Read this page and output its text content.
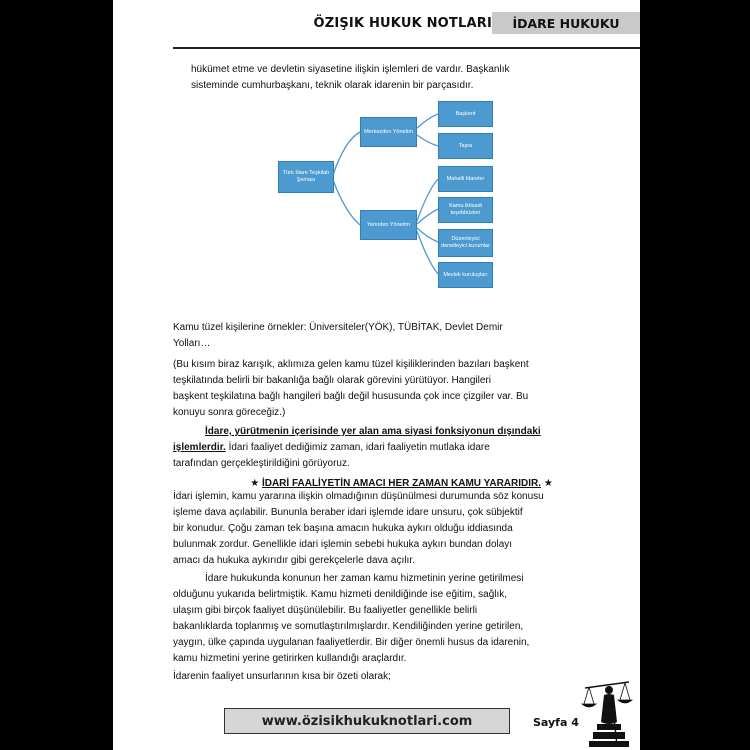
ÖZIŞIK HUKUK NOTLARI	İDARE HUKUKU
hükümet etme ve devletin siyasetine ilişkin işlemleri de vardır. Başkanlık
sisteminde cumhurbaşkanı, teknik olarak idarenin bir parçasıdır.
Türk İdare Teşkilatı Şeması
Merkezden Yönetim
Yerinden Yönetim
Başkent
Taşra
Mahalli İdareler
Kamu iktisadi teşebbüsleri
Düzenleyici denetleyici kurumlar
Meslek kuruluşları
Kamu tüzel kişilerine örnekler: Üniversiteler(YÖK), TÜBİTAK, Devlet Demir
Yolları…
(Bu kısım biraz karışık, aklımıza gelen kamu tüzel kişiliklerinden bazıları başkent
teşkilatında belirli bir bakanlığa bağlı olarak görevini yürütüyor. Hangileri
başkent teşkilatına bağlı hangileri bağlı değil hususunda çok ince çizgiler var. Bu
konuyu sonra göreceğiz.)
İdare, yürütmenin içerisinde yer alan ama siyasi fonksiyonun dışındaki
işlemlerdir. İdari faaliyet dediğimiz zaman, idari faaliyetin mutlaka idare
tarafından gerçekleştirildiğini görüyoruz.
★ İDARİ FAALİYETİN AMACI HER ZAMAN KAMU YARARIDIR. ★
İdari işlemin, kamu yararına ilişkin olmadığının düşünülmesi durumunda söz konusu
işleme dava açılabilir. Bununla beraber idari işlemde idare unsuru, çok sübjektif
bir konudur. Çoğu zaman tek başına amacın hukuka aykırı olduğu iddiasında
bulunmak zordur. Genellikle idari işlemin sebebi hukuka aykırı bundan dolayı
amacı da hukuka aykırıdır gibi gerekçelerle dava açılır.
İdare hukukunda konunun her zaman kamu hizmetinin yerine getirilmesi
olduğunu yukarıda belirtmiştik. Kamu hizmeti denildiğinde ise eğitim, sağlık,
ulaşım gibi birçok faaliyet düşünülebilir. Bu faaliyetler genellikle belirli
bakanlıklarda toplanmış ve somutlaştırılmışlardır. Kendiliğinden yerine getirilen,
yaygın, ülke çapında uygulanan faaliyetlerdir. Bir diğer önemli husus da idarenin,
kamu hizmetini yerine getirirken kullandığı araçlardır.
İdarenin faaliyet unsurlarının kısa bir özeti olarak;
www.özisikhukuknotlari.com	Sayfa 4
